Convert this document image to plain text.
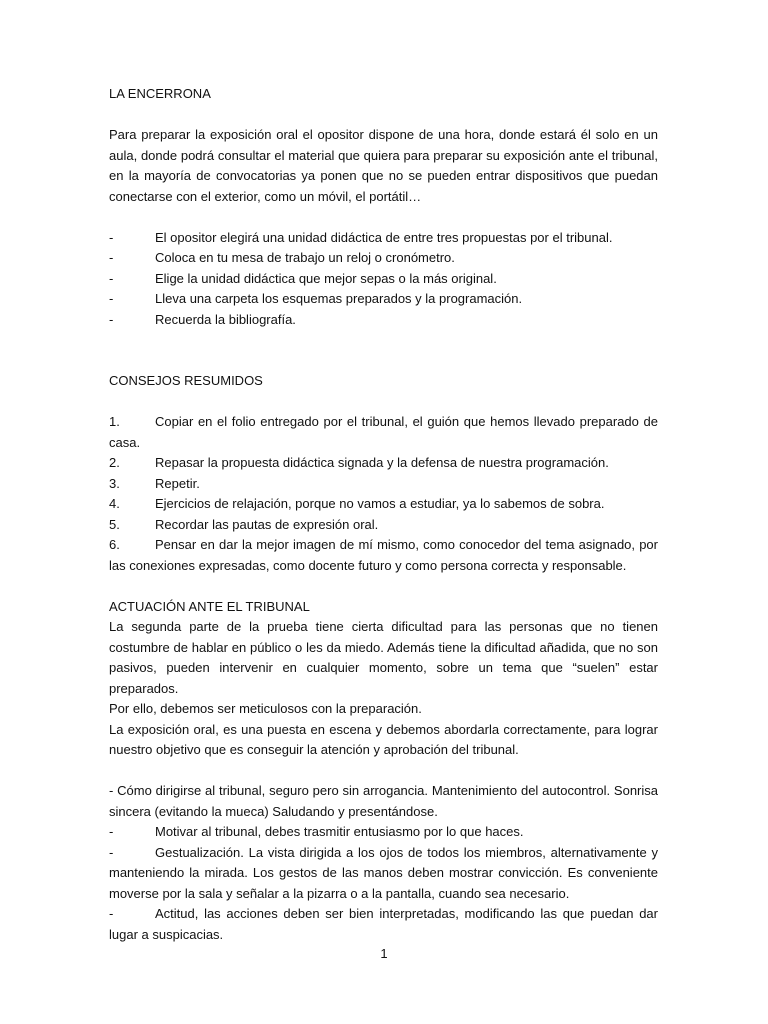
LA ENCERRONA

Para preparar la exposición oral el opositor dispone de una hora, donde estará él solo en un aula, donde podrá consultar el material que quiera para preparar su exposición ante el tribunal, en la mayoría de convocatorias ya ponen que no se pueden entrar dispositivos que puedan conectarse con el exterior, como un móvil, el portátil…

-	El opositor elegirá una unidad didáctica de entre tres propuestas por el tribunal.

-	Coloca en tu mesa de trabajo un reloj o cronómetro.

-	Elige la unidad didáctica que mejor sepas o la más original.

-	Lleva una carpeta los esquemas preparados y la programación.

-	Recuerda la bibliografía.

CONSEJOS RESUMIDOS

1.	Copiar en el folio entregado por el tribunal, el guión que hemos llevado preparado de casa.

2.	Repasar la propuesta didáctica signada y la defensa de nuestra programación.

3.	Repetir.

4.	Ejercicios de relajación, porque no vamos a estudiar, ya lo sabemos de sobra.

5.	Recordar las pautas de expresión oral.

6.	Pensar en dar la mejor imagen de mí mismo, como conocedor del tema asignado, por las conexiones expresadas, como docente futuro y como persona correcta y responsable.

ACTUACIÓN ANTE EL TRIBUNAL

La segunda parte de la prueba tiene cierta dificultad para las personas que no tienen costumbre de hablar en público o les da miedo. Además tiene la dificultad añadida, que no son pasivos, pueden intervenir en cualquier momento, sobre un tema que “suelen” estar preparados.

Por ello, debemos ser meticulosos con la preparación.

La exposición oral, es una puesta en escena y debemos abordarla correctamente, para lograr nuestro objetivo que es conseguir la atención y aprobación del tribunal.

- Cómo dirigirse al tribunal, seguro pero sin arrogancia. Mantenimiento del autocontrol. Sonrisa sincera (evitando la mueca) Saludando y presentándose.

-	Motivar al tribunal, debes trasmitir entusiasmo por lo que haces.

-	Gestualización. La vista dirigida a los ojos de todos los miembros, alternativamente y manteniendo la mirada. Los gestos de las manos deben mostrar convicción. Es conveniente moverse por la sala y señalar a la pizarra o a la pantalla, cuando sea necesario.

-	Actitud, las acciones deben ser bien interpretadas, modificando las que puedan dar lugar a suspicacias.

1
